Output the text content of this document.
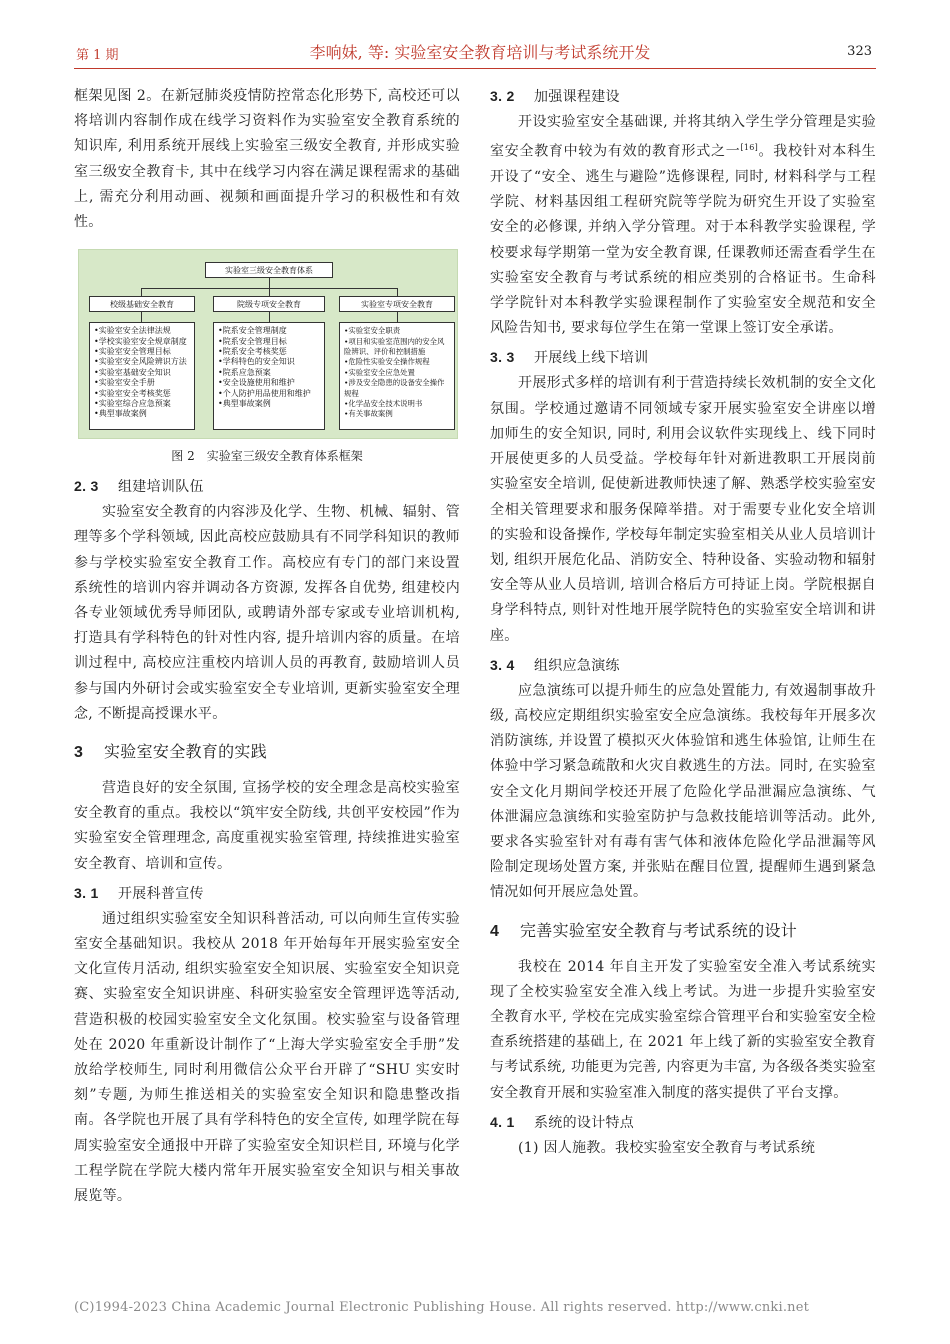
第 1 期	李响妹, 等: 实验室安全教育培训与考试系统开发	323

框架见图 2。在新冠肺炎疫情防控常态化形势下, 高校还可以将培训内容制作成在线学习资料作为实验室安全教育系统的知识库, 利用系统开展线上实验室三级安全教育, 并形成实验室三级安全教育卡, 其中在线学习内容在满足课程需求的基础上, 需充分利用动画、视频和画面提升学习的积极性和有效性。

实验室三级安全教育体系
校级基础安全教育	院级专项安全教育	实验室专项安全教育
•实验室安全法律法规
•学校实验室安全规章制度
•实验室安全管理目标
•实验室安全风险辨识方法
•实验室基础安全知识
•实验室安全手册
•实验室安全考核奖惩
•实验室综合应急预案
•典型事故案例
•院系安全管理制度
•院系安全管理目标
•院系安全考核奖惩
•学科特色的安全知识
•院系应急预案
•安全设施使用和维护
•个人防护用品使用和维护
•典型事故案例
•实验室安全职责
•项目和实验室范围内的安全风险辨识、评价和控制措施
•危险性实验安全操作规程
•实验室安全应急处置
•涉及安全隐患的设备安全操作规程
•化学品安全技术说明书
•有关事故案例
图 2　实验室三级安全教育体系框架
2. 3 组建培训队伍

实验室安全教育的内容涉及化学、生物、机械、辐射、管理等多个学科领域, 因此高校应鼓励具有不同学科知识的教师参与学校实验室安全教育工作。高校应有专门的部门来设置系统性的培训内容并调动各方资源, 发挥各自优势, 组建校内各专业领域优秀导师团队, 或聘请外部专家或专业培训机构, 打造具有学科特色的针对性内容, 提升培训内容的质量。在培训过程中, 高校应注重校内培训人员的再教育, 鼓励培训人员参与国内外研讨会或实验室安全专业培训, 更新实验室安全理念, 不断提高授课水平。

3 实验室安全教育的实践

营造良好的安全氛围, 宣扬学校的安全理念是高校实验室安全教育的重点。我校以“筑牢安全防线, 共创平安校园”作为实验室安全管理理念, 高度重视实验室管理, 持续推进实验室安全教育、培训和宣传。

3. 1 开展科普宣传

通过组织实验室安全知识科普活动, 可以向师生宣传实验室安全基础知识。我校从 2018 年开始每年开展实验室安全文化宣传月活动, 组织实验室安全知识展、实验室安全知识竞赛、实验室安全知识讲座、科研实验室安全管理评选等活动, 营造积极的校园实验室安全文化氛围。校实验室与设备管理处在 2020 年重新设计制作了“上海大学实验室安全手册”发放给学校师生, 同时利用微信公众平台开辟了“SHU 实安时刻”专题, 为师生推送相关的实验室安全知识和隐患整改指南。各学院也开展了具有学科特色的安全宣传, 如理学院在每周实验室安全通报中开辟了实验室安全知识栏目, 环境与化学工程学院在学院大楼内常年开展实验室安全知识与相关事故展览等。

3. 2 加强课程建设

开设实验室安全基础课, 并将其纳入学生学分管理是实验室安全教育中较为有效的教育形式之一[16]。我校针对本科生开设了“安全、逃生与避险”选修课程, 同时, 材料科学与工程学院、材料基因组工程研究院等学院为研究生开设了实验室安全的必修课, 并纳入学分管理。对于本科教学实验课程, 学校要求每学期第一堂为安全教育课, 任课教师还需查看学生在实验室安全教育与考试系统的相应类别的合格证书。生命科学学院针对本科教学实验课程制作了实验室安全规范和安全风险告知书, 要求每位学生在第一堂课上签订安全承诺。

3. 3 开展线上线下培训

开展形式多样的培训有利于营造持续长效机制的安全文化氛围。学校通过邀请不同领域专家开展实验室安全讲座以增加师生的安全知识, 同时, 利用会议软件实现线上、线下同时开展使更多的人员受益。学校每年针对新进教职工开展岗前实验室安全培训, 促使新进教师快速了解、熟悉学校实验室安全相关管理要求和服务保障举措。对于需要专业化安全培训的实验和设备操作, 学校每年制定实验室相关从业人员培训计划, 组织开展危化品、消防安全、特种设备、实验动物和辐射安全等从业人员培训, 培训合格后方可持证上岗。学院根据自身学科特点, 则针对性地开展学院特色的实验室安全培训和讲座。

3. 4 组织应急演练

应急演练可以提升师生的应急处置能力, 有效遏制事故升级, 高校应定期组织实验室安全应急演练。我校每年开展多次消防演练, 并设置了模拟灭火体验馆和逃生体验馆, 让师生在体验中学习紧急疏散和火灾自救逃生的方法。同时, 在实验室安全文化月期间学校还开展了危险化学品泄漏应急演练、气体泄漏应急演练和实验室防护与急救技能培训等活动。此外, 要求各实验室针对有毒有害气体和液体危险化学品泄漏等风险制定现场处置方案, 并张贴在醒目位置, 提醒师生遇到紧急情况如何开展应急处置。

4 完善实验室安全教育与考试系统的设计

我校在 2014 年自主开发了实验室安全准入考试系统实现了全校实验室安全准入线上考试。为进一步提升实验室安全教育水平, 学校在完成实验室综合管理平台和实验室安全检查系统搭建的基础上, 在 2021 年上线了新的实验室安全教育与考试系统, 功能更为完善, 内容更为丰富, 为各级各类实验室安全教育开展和实验室准入制度的落实提供了平台支撑。

4. 1 系统的设计特点

(1) 因人施教。我校实验室安全教育与考试系统

(C)1994-2023 China Academic Journal Electronic Publishing House. All rights reserved. http://www.cnki.net
